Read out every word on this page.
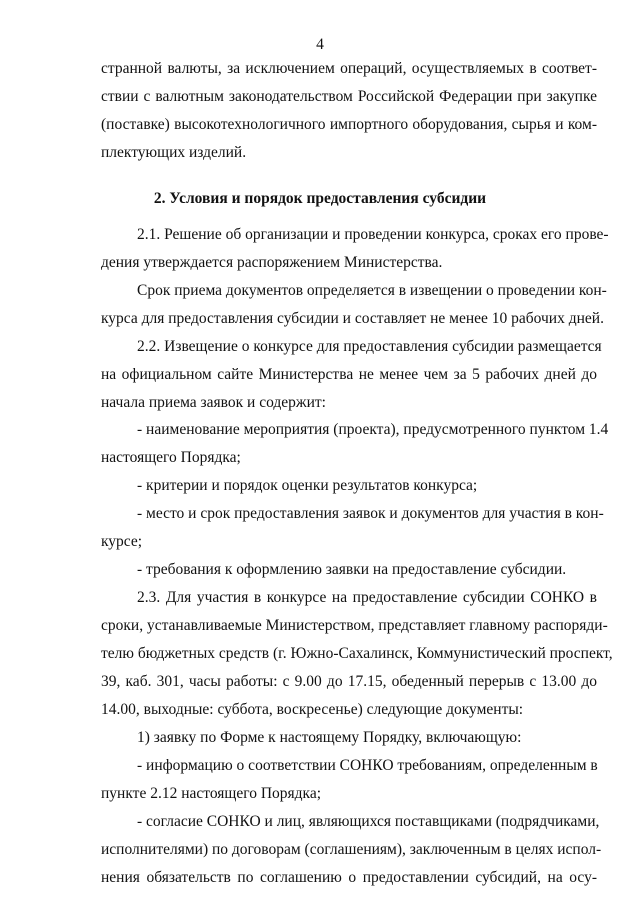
4
странной валюты, за исключением операций, осуществляемых в соответ-
ствии с валютным законодательством Российской Федерации при закупке
(поставке) высокотехнологичного импортного оборудования, сырья и ком-
плектующих изделий.
2. Условия и порядок предоставления субсидии
2.1. Решение об организации и проведении конкурса, сроках его прове-
дения утверждается распоряжением Министерства.
Срок приема документов определяется в извещении о проведении кон-
курса для предоставления субсидии и составляет не менее 10 рабочих дней.
2.2. Извещение о конкурсе для предоставления субсидии размещается
на официальном сайте Министерства не менее чем за 5 рабочих дней до
начала приема заявок и содержит:
- наименование мероприятия (проекта), предусмотренного пунктом 1.4
настоящего Порядка;
- критерии и порядок оценки результатов конкурса;
- место и срок предоставления заявок и документов для участия в кон-
курсе;
- требования к оформлению заявки на предоставление субсидии.
2.3. Для участия в конкурсе на предоставление субсидии СОНКО в
сроки, устанавливаемые Министерством, представляет главному распоряди-
телю бюджетных средств (г. Южно-Сахалинск, Коммунистический проспект,
39, каб. 301, часы работы: с 9.00 до 17.15, обеденный перерыв с 13.00 до
14.00, выходные: суббота, воскресенье) следующие документы:
1) заявку по Форме к настоящему Порядку, включающую:
- информацию о соответствии СОНКО требованиям, определенным в
пункте 2.12 настоящего Порядка;
- согласие СОНКО и лиц, являющихся поставщиками (подрядчиками,
исполнителями) по договорам (соглашениям), заключенным в целях испол-
нения обязательств по соглашению о предоставлении субсидий, на осу-
